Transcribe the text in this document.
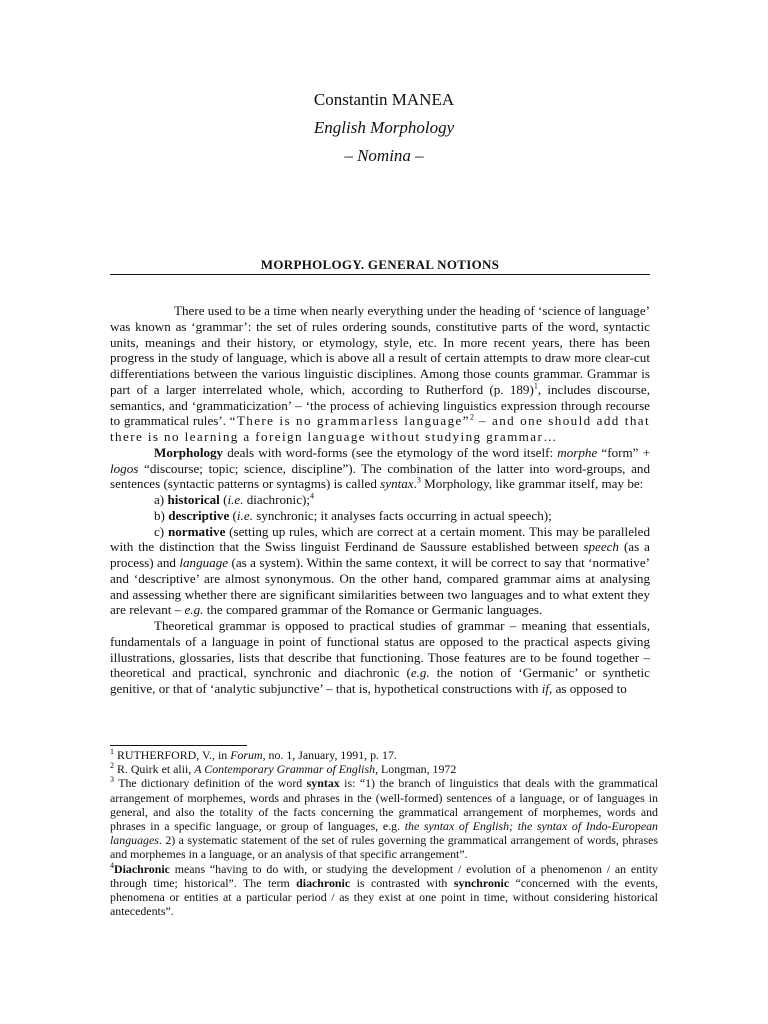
Constantin MANEA
English Morphology
– Nomina –
MORPHOLOGY. GENERAL NOTIONS

There used to be a time when nearly everything under the heading of ‘science of language’ was known as ‘grammar’: the set of rules ordering sounds, constitutive parts of the word, syntactic units, meanings and their history, or etymology, style, etc. In more recent years, there has been progress in the study of language, which is above all a result of certain attempts to draw more clear-cut differentiations between the various linguistic disciplines. Among those counts grammar. Grammar is part of a larger interrelated whole, which, according to Rutherford (p. 189)$^1$, includes discourse, semantics, and ‘grammaticization’ – ‘the process of achieving linguistics expression through recourse to grammatical rules’. “There is no grammarless language”$^2$ – and one should add that there is no learning a foreign language without studying grammar…

Morphology deals with word-forms (see the etymology of the word itself: morphe “form” + logos “discourse; topic; science, discipline”). The combination of the latter into word-groups, and sentences (syntactic patterns or syntagms) is called syntax.$^3$ Morphology, like grammar itself, may be:

a) historical (i.e. diachronic);$^4$

b) descriptive (i.e. synchronic; it analyses facts occurring in actual speech);

c) normative (setting up rules, which are correct at a certain moment. This may be paralleled with the distinction that the Swiss linguist Ferdinand de Saussure established between speech (as a process) and language (as a system). Within the same context, it will be correct to say that ‘normative’ and ‘descriptive’ are almost synonymous. On the other hand, compared grammar aims at analysing and assessing whether there are significant similarities between two languages and to what extent they are relevant – e.g. the compared grammar of the Romance or Germanic languages.

Theoretical grammar is opposed to practical studies of grammar – meaning that essentials, fundamentals of a language in point of functional status are opposed to the practical aspects giving illustrations, glossaries, lists that describe that functioning. Those features are to be found together – theoretical and practical, synchronic and diachronic (e.g. the notion of ‘Germanic’ or synthetic genitive, or that of ‘analytic subjunctive’ – that is, hypothetical constructions with if, as opposed to

$^1$ RUTHERFORD, V., in Forum, no. 1, January, 1991, p. 17.

$^2$ R. Quirk et alii, A Contemporary Grammar of English, Longman, 1972

$^3$ The dictionary definition of the word syntax is: “1) the branch of linguistics that deals with the grammatical arrangement of morphemes, words and phrases in the (well-formed) sentences of a language, or of languages in general, and also the totality of the facts concerning the grammatical arrangement of morphemes, words and phrases in a specific language, or group of languages, e.g. the syntax of English; the syntax of Indo-European languages. 2) a systematic statement of the set of rules governing the grammatical arrangement of words, phrases and morphemes in a language, or an analysis of that specific arrangement”.

$^4$Diachronic means “having to do with, or studying the development / evolution of a phenomenon / an entity through time; historical”. The term diachronic is contrasted with synchronic “concerned with the events, phenomena or entities at a particular period / as they exist at one point in time, without considering historical antecedents”.
